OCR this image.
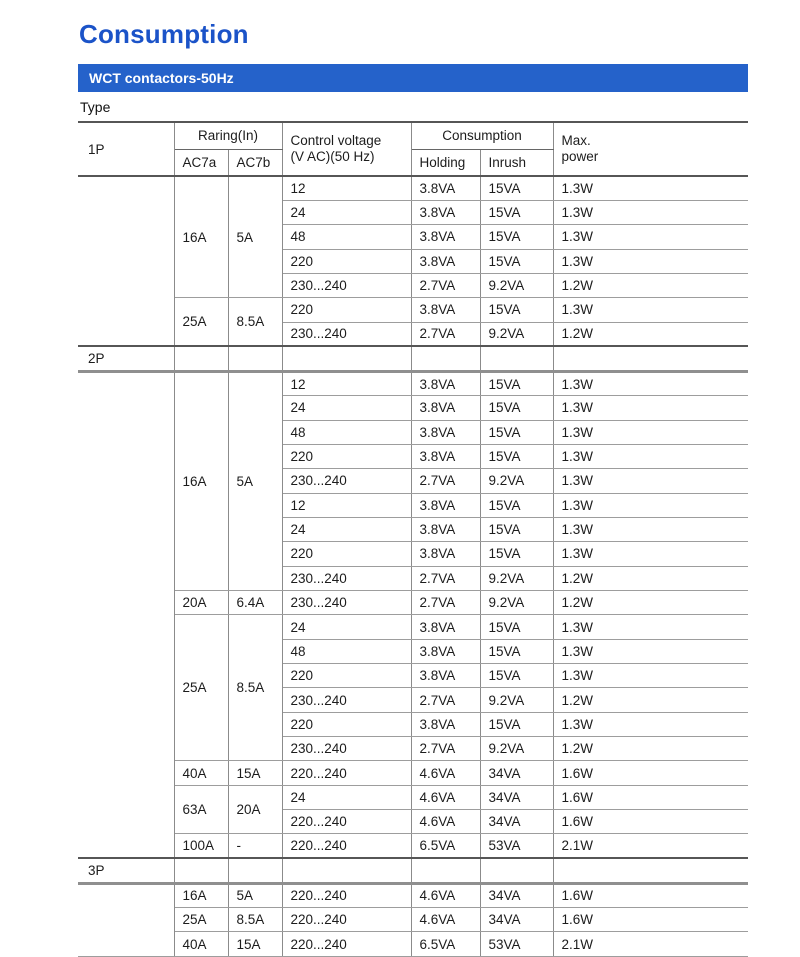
Consumption
WCT contactors-50Hz
Type
1P	Raring(In)	Control voltage
(V AC)(50 Hz)
	Consumption	Max.
power

	AC7a	AC7b		Holding	Inrush	
	16A	5A	12	3.8VA	15VA	1.3W
			24	3.8VA	15VA	1.3W
			48	3.8VA	15VA	1.3W
			220	3.8VA	15VA	1.3W
			230...240	2.7VA	9.2VA	1.2W
	25A	8.5A	220	3.8VA	15VA	1.3W
			230...240	2.7VA	9.2VA	1.2W
2P						
	16A	5A	12	3.8VA	15VA	1.3W
			24	3.8VA	15VA	1.3W
			48	3.8VA	15VA	1.3W
			220	3.8VA	15VA	1.3W
			230...240	2.7VA	9.2VA	1.3W
			12	3.8VA	15VA	1.3W
			24	3.8VA	15VA	1.3W
			220	3.8VA	15VA	1.3W
			230...240	2.7VA	9.2VA	1.2W
	20A	6.4A	230...240	2.7VA	9.2VA	1.2W
	25A	8.5A	24	3.8VA	15VA	1.3W
			48	3.8VA	15VA	1.3W
			220	3.8VA	15VA	1.3W
			230...240	2.7VA	9.2VA	1.2W
			220	3.8VA	15VA	1.3W
			230...240	2.7VA	9.2VA	1.2W
	40A	15A	220...240	4.6VA	34VA	1.6W
	63A	20A	24	4.6VA	34VA	1.6W
			220...240	4.6VA	34VA	1.6W
	100A	-	220...240	6.5VA	53VA	2.1W
3P						
	16A	5A	220...240	4.6VA	34VA	1.6W
	25A	8.5A	220...240	4.6VA	34VA	1.6W
	40A	15A	220...240	6.5VA	53VA	2.1W
